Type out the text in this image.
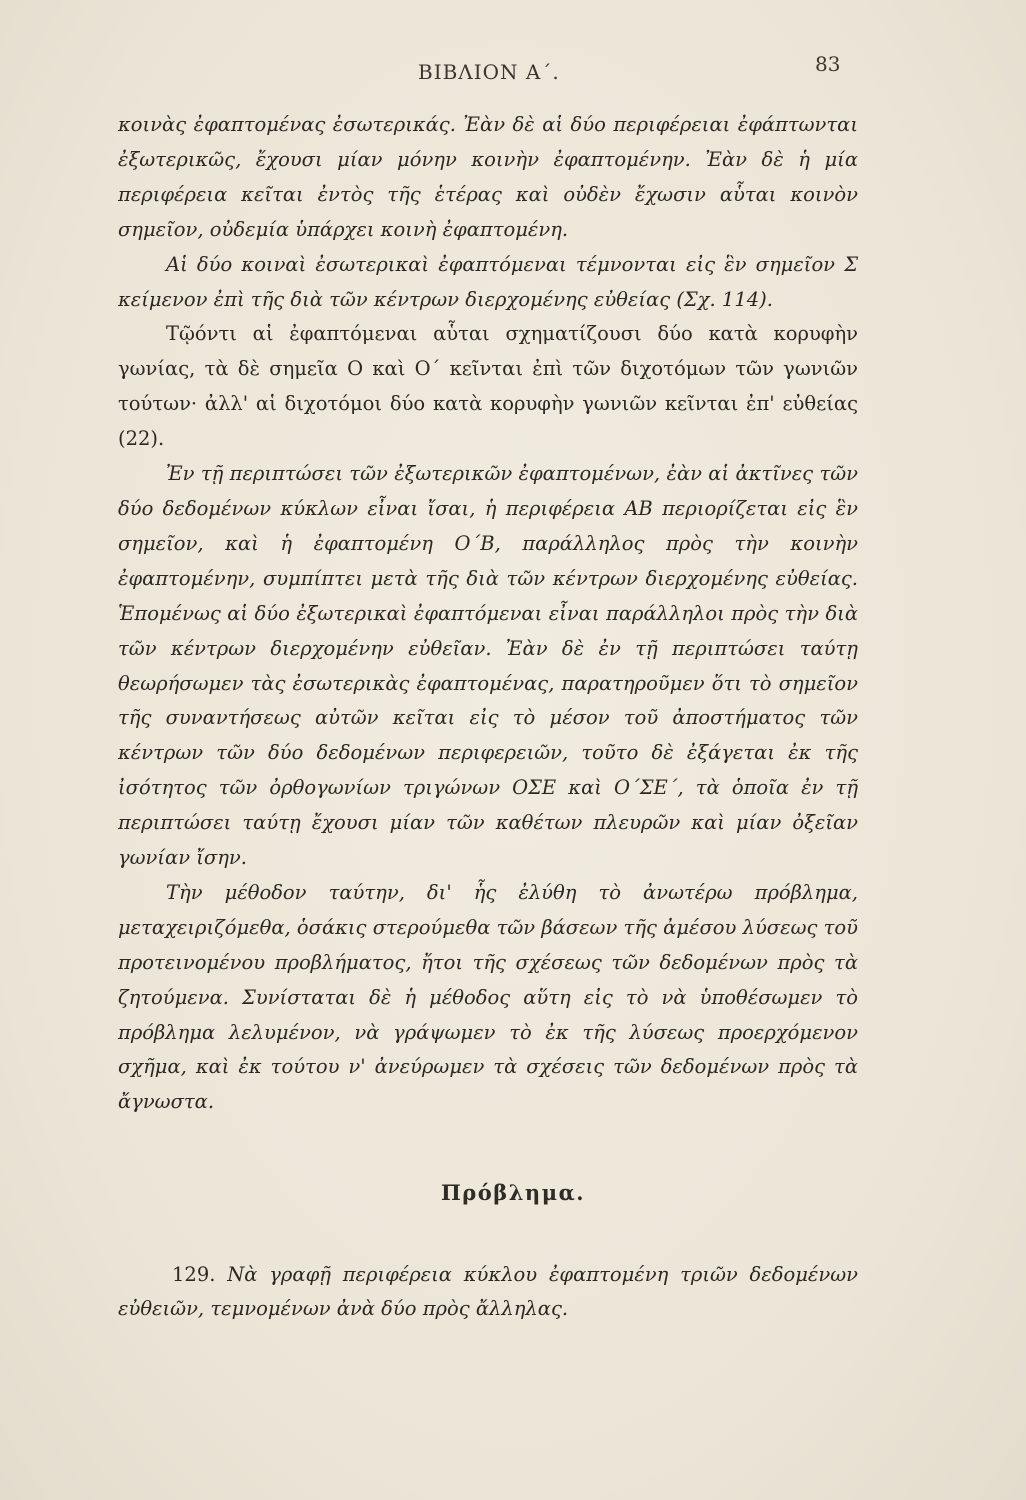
ΒΙΒΛΙΟΝ Α΄.	83

κοινὰς ἐφαπτομένας ἐσωτερικάς. Ἐὰν δὲ αἱ δύο περιφέρειαι ἐφάπτωνται ἐξωτερικῶς, ἔχουσι μίαν μόνην κοινὴν ἐφαπτομένην. Ἐὰν δὲ ἡ μία περιφέρεια κεῖται ἐντὸς τῆς ἑτέρας καὶ οὐδὲν ἔχωσιν αὗται κοινὸν σημεῖον, οὐδεμία ὑπάρχει κοινὴ ἐφαπτομένη.

Αἱ δύο κοιναὶ ἐσωτερικαὶ ἐφαπτόμεναι τέμνονται εἰς ἓν σημεῖον Σ κείμενον ἐπὶ τῆς διὰ τῶν κέντρων διερχομένης εὐθείας (Σχ. 114).

Τῷόντι αἱ ἐφαπτόμεναι αὗται σχηματίζουσι δύο κατὰ κορυφὴν γωνίας, τὰ δὲ σημεῖα Ο καὶ Ο΄ κεῖνται ἐπὶ τῶν διχοτόμων τῶν γωνιῶν τούτων· ἀλλ' αἱ διχοτόμοι δύο κατὰ κορυφὴν γωνιῶν κεῖνται ἐπ' εὐθείας (22).

Ἐν τῇ περιπτώσει τῶν ἐξωτερικῶν ἐφαπτομένων, ἐὰν αἱ ἀκτῖνες τῶν δύο δεδομένων κύκλων εἶναι ἴσαι, ἡ περιφέρεια ΑΒ περιορίζεται εἰς ἓν σημεῖον, καὶ ἡ ἐφαπτομένη Ο΄Β, παράλληλος πρὸς τὴν κοινὴν ἐφαπτομένην, συμπίπτει μετὰ τῆς διὰ τῶν κέντρων διερχομένης εὐθείας. Ἑπομένως αἱ δύο ἐξωτερικαὶ ἐφαπτόμεναι εἶναι παράλληλοι πρὸς τὴν διὰ τῶν κέντρων διερχομένην εὐθεῖαν. Ἐὰν δὲ ἐν τῇ περιπτώσει ταύτῃ θεωρήσωμεν τὰς ἐσωτερικὰς ἐφαπτομένας, παρατηροῦμεν ὅτι τὸ σημεῖον τῆς συναντήσεως αὐτῶν κεῖται εἰς τὸ μέσον τοῦ ἀποστήματος τῶν κέντρων τῶν δύο δεδομένων περιφερειῶν, τοῦτο δὲ ἐξάγεται ἐκ τῆς ἰσότητος τῶν ὀρθογωνίων τριγώνων ΟΣΕ καὶ Ο΄ΣΕ΄, τὰ ὁποῖα ἐν τῇ περιπτώσει ταύτῃ ἔχουσι μίαν τῶν καθέτων πλευρῶν καὶ μίαν ὀξεῖαν γωνίαν ἴσην.

Τὴν μέθοδον ταύτην, δι' ἧς ἐλύθη τὸ ἀνωτέρω πρόβλημα, μεταχειριζόμεθα, ὁσάκις στερούμεθα τῶν βάσεων τῆς ἀμέσου λύσεως τοῦ προτεινομένου προβλήματος, ἤτοι τῆς σχέσεως τῶν δεδομένων πρὸς τὰ ζητούμενα. Συνίσταται δὲ ἡ μέθοδος αὕτη εἰς τὸ νὰ ὑποθέσωμεν τὸ πρόβλημα λελυμένον, νὰ γράψωμεν τὸ ἐκ τῆς λύσεως προερχόμενον σχῆμα, καὶ ἐκ τούτου ν' ἀνεύρωμεν τὰ σχέσεις τῶν δεδομένων πρὸς τὰ ἄγνωστα.

Πρόβλημα.

129. Νὰ γραφῇ περιφέρεια κύκλου ἐφαπτομένη τριῶν δεδομένων εὐθειῶν, τεμνομένων ἀνὰ δύο πρὸς ἄλληλας.
